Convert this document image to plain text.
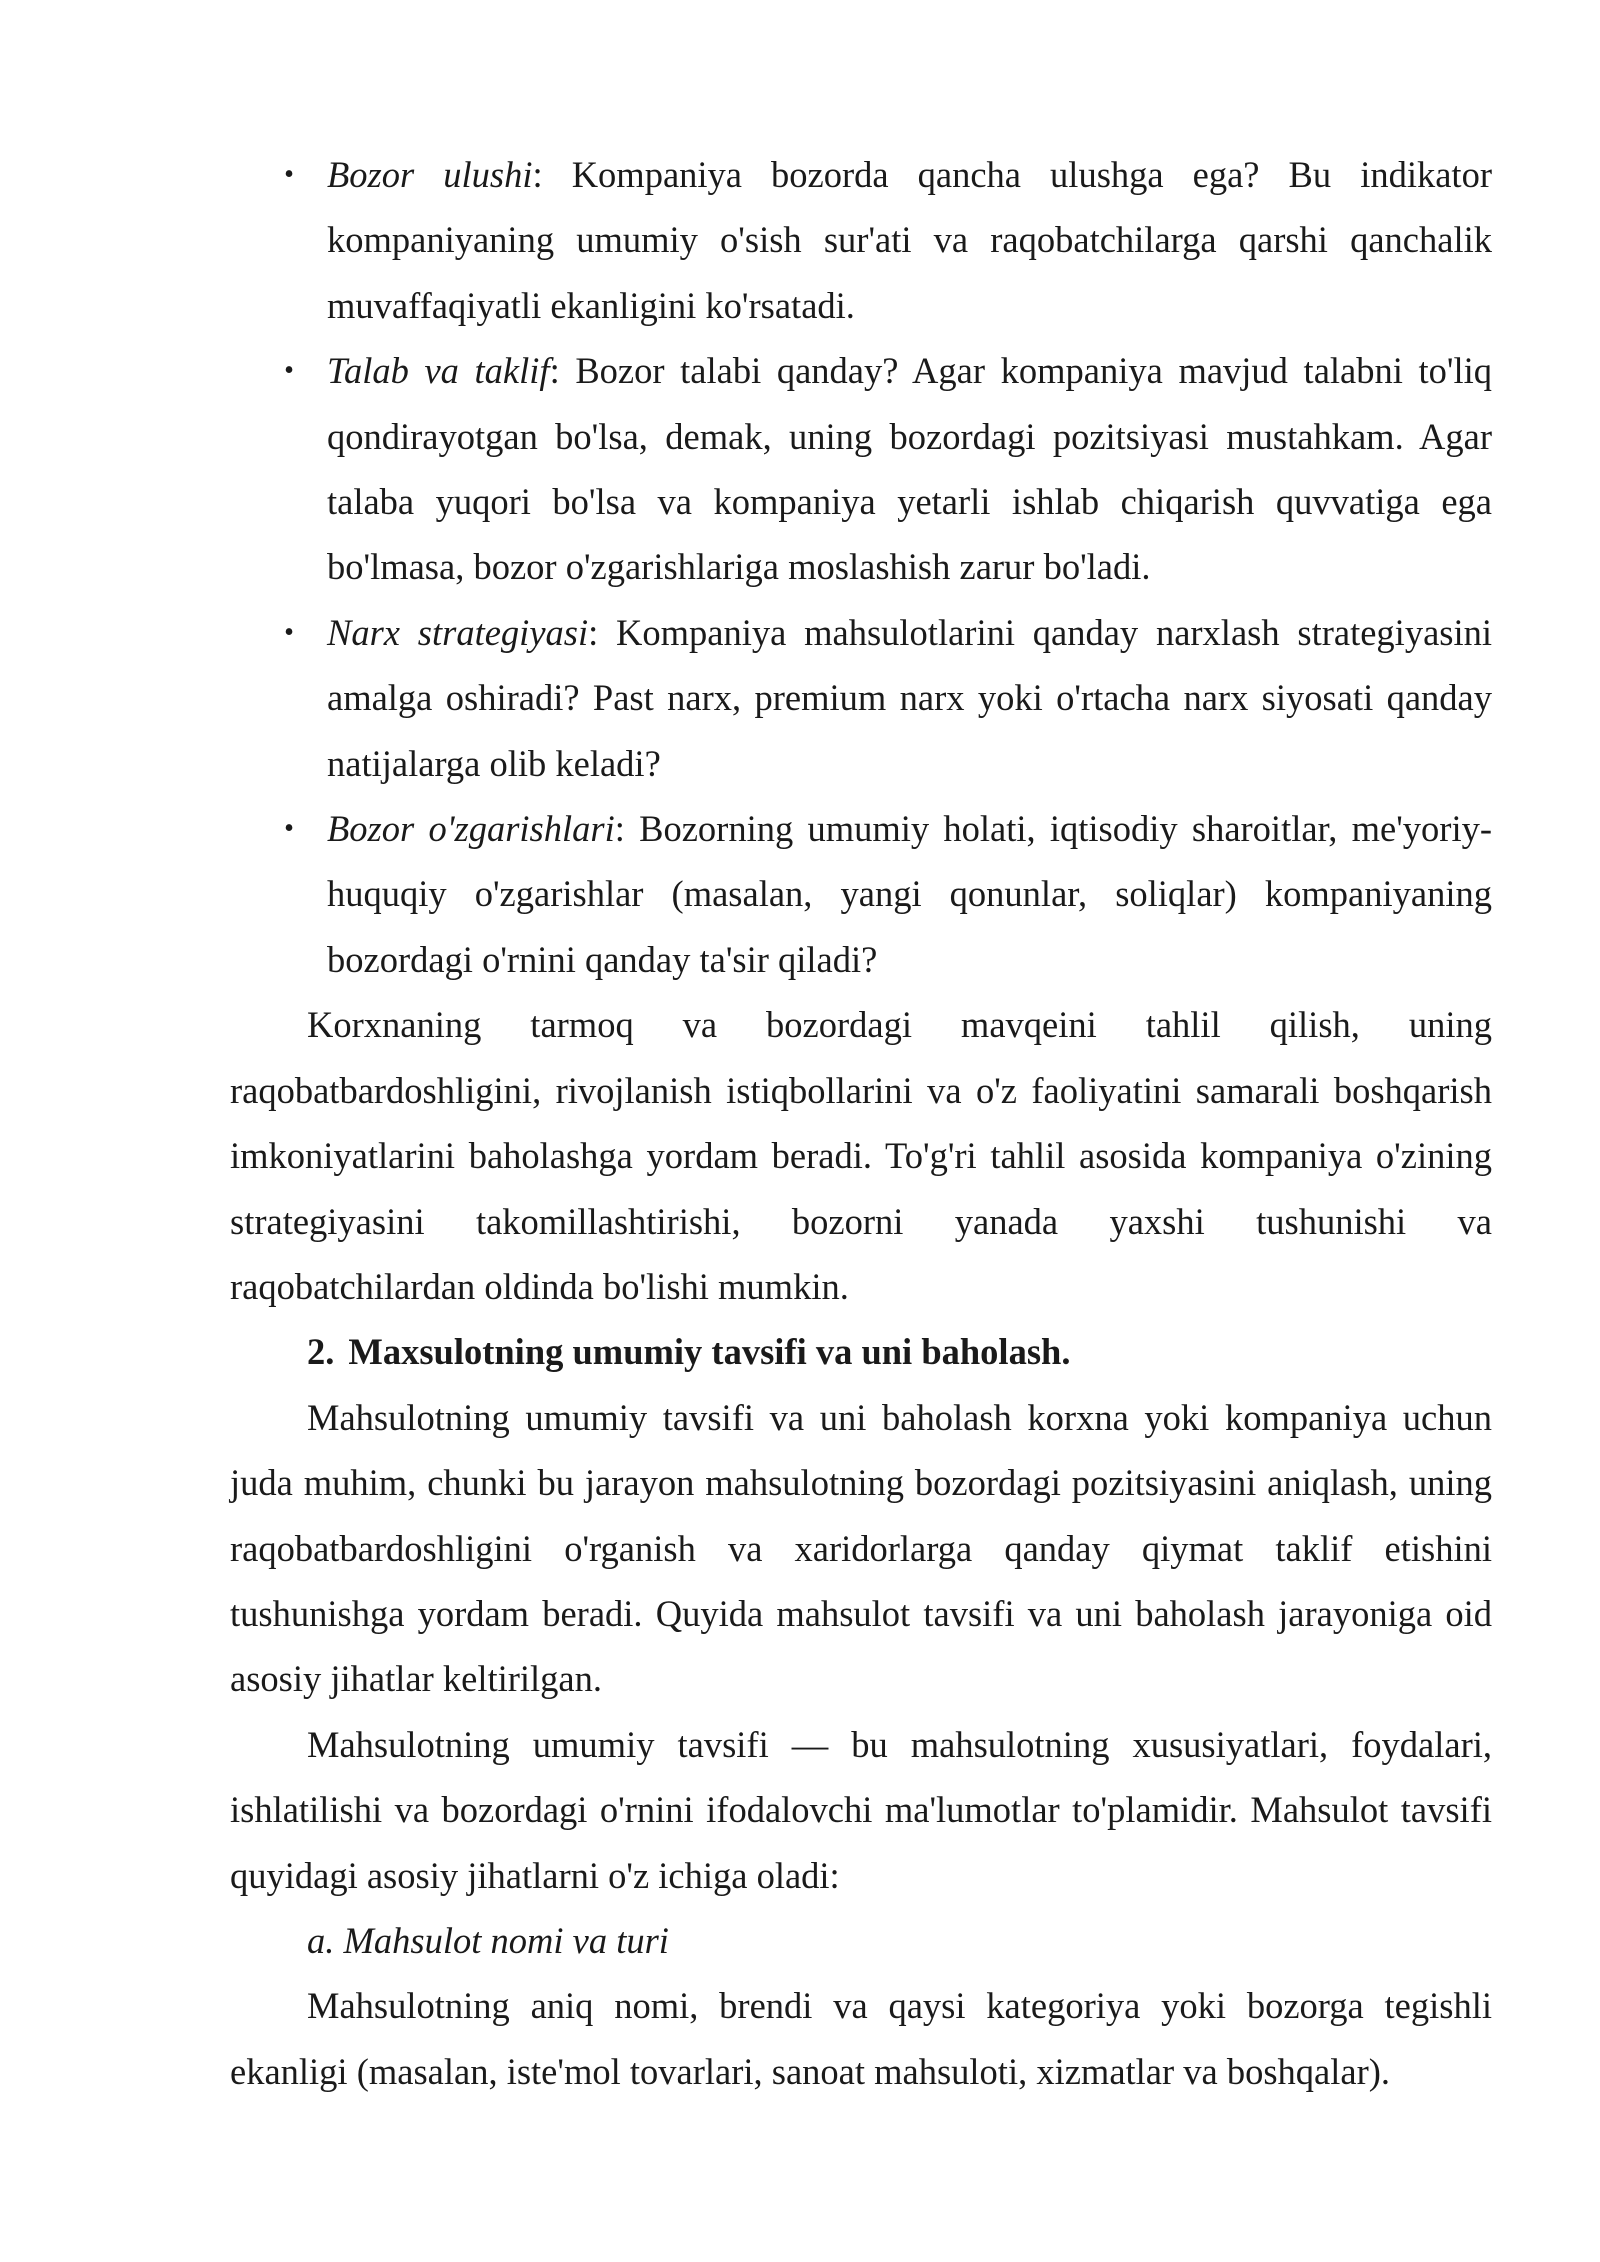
• Bozor ulushi: Kompaniya bozorda qancha ulushga ega? Bu indikator kompaniyaning umumiy o'sish sur'ati va raqobatchilarga qarshi qanchalik muvaffaqiyatli ekanligini ko'rsatadi.
• Talab va taklif: Bozor talabi qanday? Agar kompaniya mavjud talabni to'liq qondirayotgan bo'lsa, demak, uning bozordagi pozitsiyasi mustahkam. Agar talaba yuqori bo'lsa va kompaniya yetarli ishlab chiqarish quvvatiga ega bo'lmasa, bozor o'zgarishlariga moslashish zarur bo'ladi.
• Narx strategiyasi: Kompaniya mahsulotlarini qanday narxlash strategiyasini amalga oshiradi? Past narx, premium narx yoki o'rtacha narx siyosati qanday natijalarga olib keladi?
• Bozor o'zgarishlari: Bozorning umumiy holati, iqtisodiy sharoitlar, me'yoriy-huquqiy o'zgarishlar (masalan, yangi qonunlar, soliqlar) kompaniyaning bozordagi o'rnini qanday ta'sir qiladi?

Korxnaning tarmoq va bozordagi mavqeini tahlil qilish, uning raqobatbardoshligini, rivojlanish istiqbollarini va o'z faoliyatini samarali boshqarish imkoniyatlarini baholashga yordam beradi. To'g'ri tahlil asosida kompaniya o'zining strategiyasini takomillashtirishi, bozorni yanada yaxshi tushunishi va raqobatchilardan oldinda bo'lishi mumkin.

2. Maxsulotning umumiy tavsifi va uni baholash.

Mahsulotning umumiy tavsifi va uni baholash korxna yoki kompaniya uchun juda muhim, chunki bu jarayon mahsulotning bozordagi pozitsiyasini aniqlash, uning raqobatbardoshligini o'rganish va xaridorlarga qanday qiymat taklif etishini tushunishga yordam beradi. Quyida mahsulot tavsifi va uni baholash jarayoniga oid asosiy jihatlar keltirilgan.

Mahsulotning umumiy tavsifi — bu mahsulotning xususiyatlari, foydalari, ishlatilishi va bozordagi o'rnini ifodalovchi ma'lumotlar to'plamidir. Mahsulot tavsifi quyidagi asosiy jihatlarni o'z ichiga oladi:

a. Mahsulot nomi va turi

Mahsulotning aniq nomi, brendi va qaysi kategoriya yoki bozorga tegishli ekanligi (masalan, iste'mol tovarlari, sanoat mahsuloti, xizmatlar va boshqalar).
